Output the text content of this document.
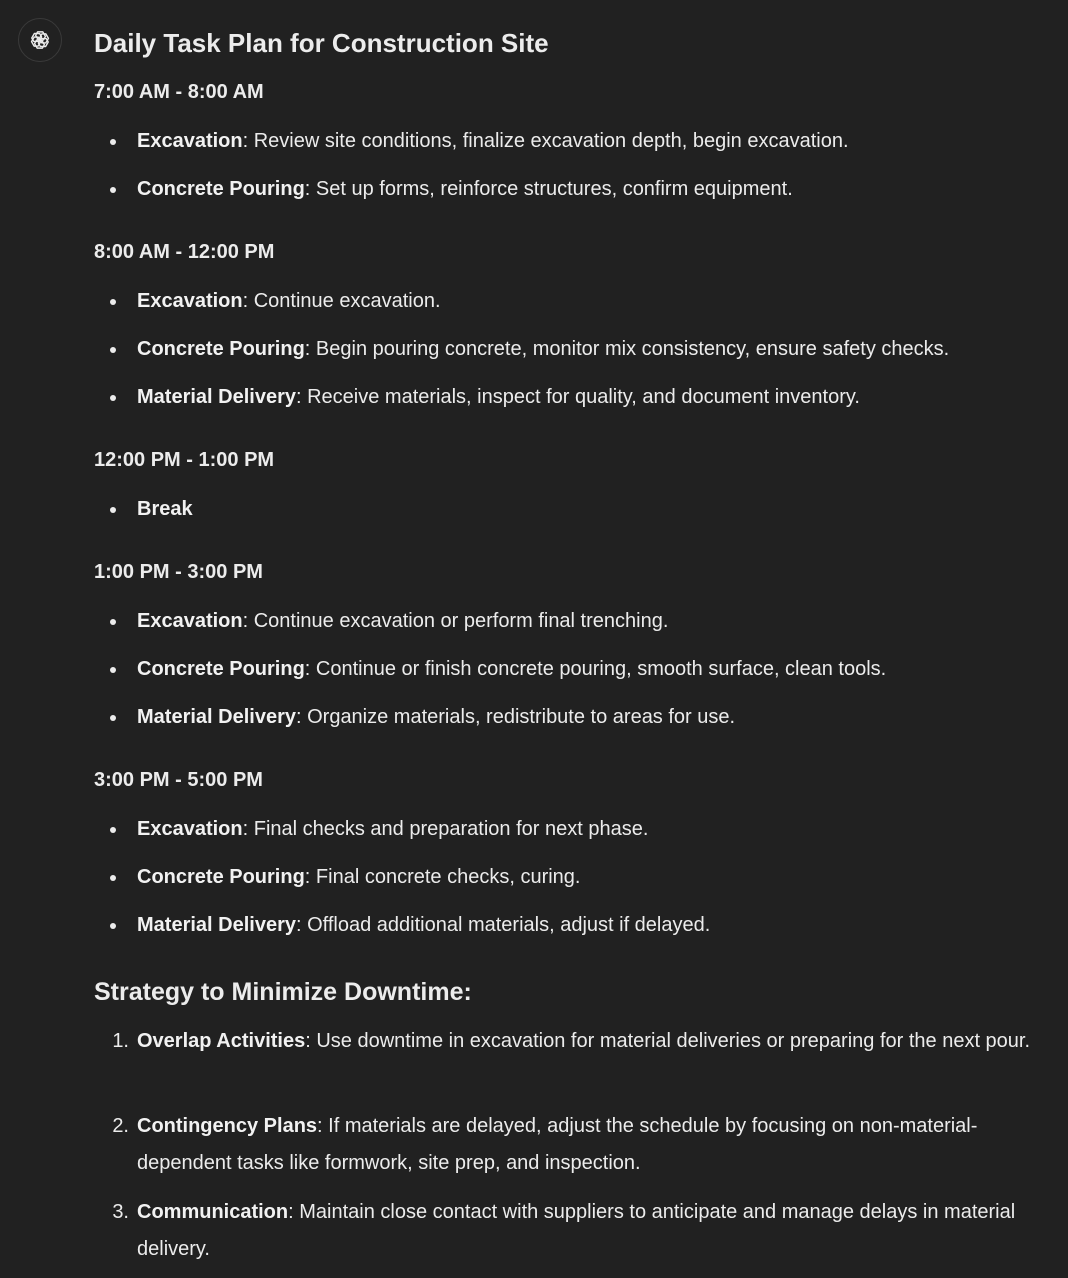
Daily Task Plan for Construction Site
7:00 AM - 8:00 AM
Excavation: Review site conditions, finalize excavation depth, begin excavation.
Concrete Pouring: Set up forms, reinforce structures, confirm equipment.
8:00 AM - 12:00 PM
Excavation: Continue excavation.
Concrete Pouring: Begin pouring concrete, monitor mix consistency, ensure safety checks.
Material Delivery: Receive materials, inspect for quality, and document inventory.
12:00 PM - 1:00 PM
Break
1:00 PM - 3:00 PM
Excavation: Continue excavation or perform final trenching.
Concrete Pouring: Continue or finish concrete pouring, smooth surface, clean tools.
Material Delivery: Organize materials, redistribute to areas for use.
3:00 PM - 5:00 PM
Excavation: Final checks and preparation for next phase.
Concrete Pouring: Final concrete checks, curing.
Material Delivery: Offload additional materials, adjust if delayed.
Strategy to Minimize Downtime:
1. Overlap Activities: Use downtime in excavation for material deliveries or preparing for the next pour.
2. Contingency Plans: If materials are delayed, adjust the schedule by focusing on non-material-dependent tasks like formwork, site prep, and inspection.
3. Communication: Maintain close contact with suppliers to anticipate and manage delays in material delivery.
